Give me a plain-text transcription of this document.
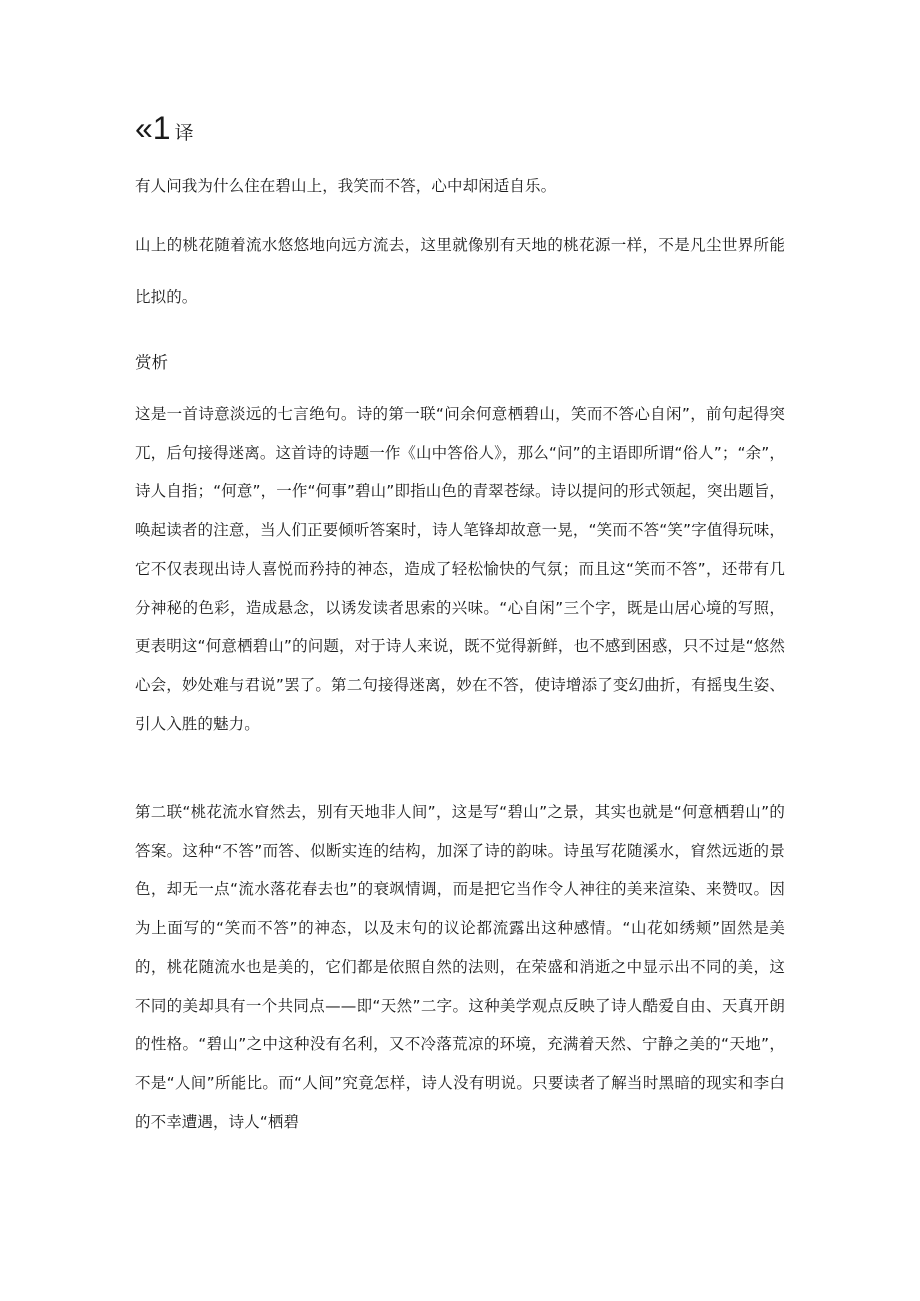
«1 译
有人问我为什么住在碧山上，我笑而不答，心中却闲适自乐。
山上的桃花随着流水悠悠地向远方流去，这里就像别有天地的桃花源一样，不是凡尘世界所能比拟的。
赏析
这是一首诗意淡远的七言绝句。诗的第一联“问余何意栖碧山，笑而不答心自闲”，前句起得突兀，后句接得迷离。这首诗的诗题一作《山中答俗人》，那么“问”的主语即所谓“俗人”；“余”，诗人自指；“何意”，一作“何事”碧山”即指山色的青翠苍绿。诗以提问的形式领起，突出题旨，唤起读者的注意，当人们正要倾听答案时，诗人笔锋却故意一晃，“笑而不答“笑”字值得玩味，它不仅表现出诗人喜悦而矜持的神态，造成了轻松愉快的气氛；而且这“笑而不答”，还带有几分神秘的色彩，造成悬念，以诱发读者思索的兴味。“心自闲”三个字，既是山居心境的写照，更表明这“何意栖碧山”的问题，对于诗人来说，既不觉得新鲜，也不感到困惑，只不过是“悠然心会，妙处难与君说”罢了。第二句接得迷离，妙在不答，使诗增添了变幻曲折，有摇曳生姿、引人入胜的魅力。
第二联“桃花流水窅然去，别有天地非人间”，这是写“碧山”之景，其实也就是“何意栖碧山”的答案。这种“不答”而答、似断实连的结构，加深了诗的韵味。诗虽写花随溪水，窅然远逝的景色，却无一点“流水落花春去也”的衰飒情调，而是把它当作令人神往的美来渲染、来赞叹。因为上面写的“笑而不答”的神态，以及末句的议论都流露出这种感情。“山花如绣颊”固然是美的，桃花随流水也是美的，它们都是依照自然的法则，在荣盛和消逝之中显示出不同的美，这不同的美却具有一个共同点——即“天然”二字。这种美学观点反映了诗人酷爱自由、天真开朗的性格。“碧山”之中这种没有名利，又不冷落荒凉的环境，充满着天然、宁静之美的“天地”，不是“人间”所能比。而“人间”究竟怎样，诗人没有明说。只要读者了解当时黑暗的现实和李白的不幸遭遇，诗人“栖碧
